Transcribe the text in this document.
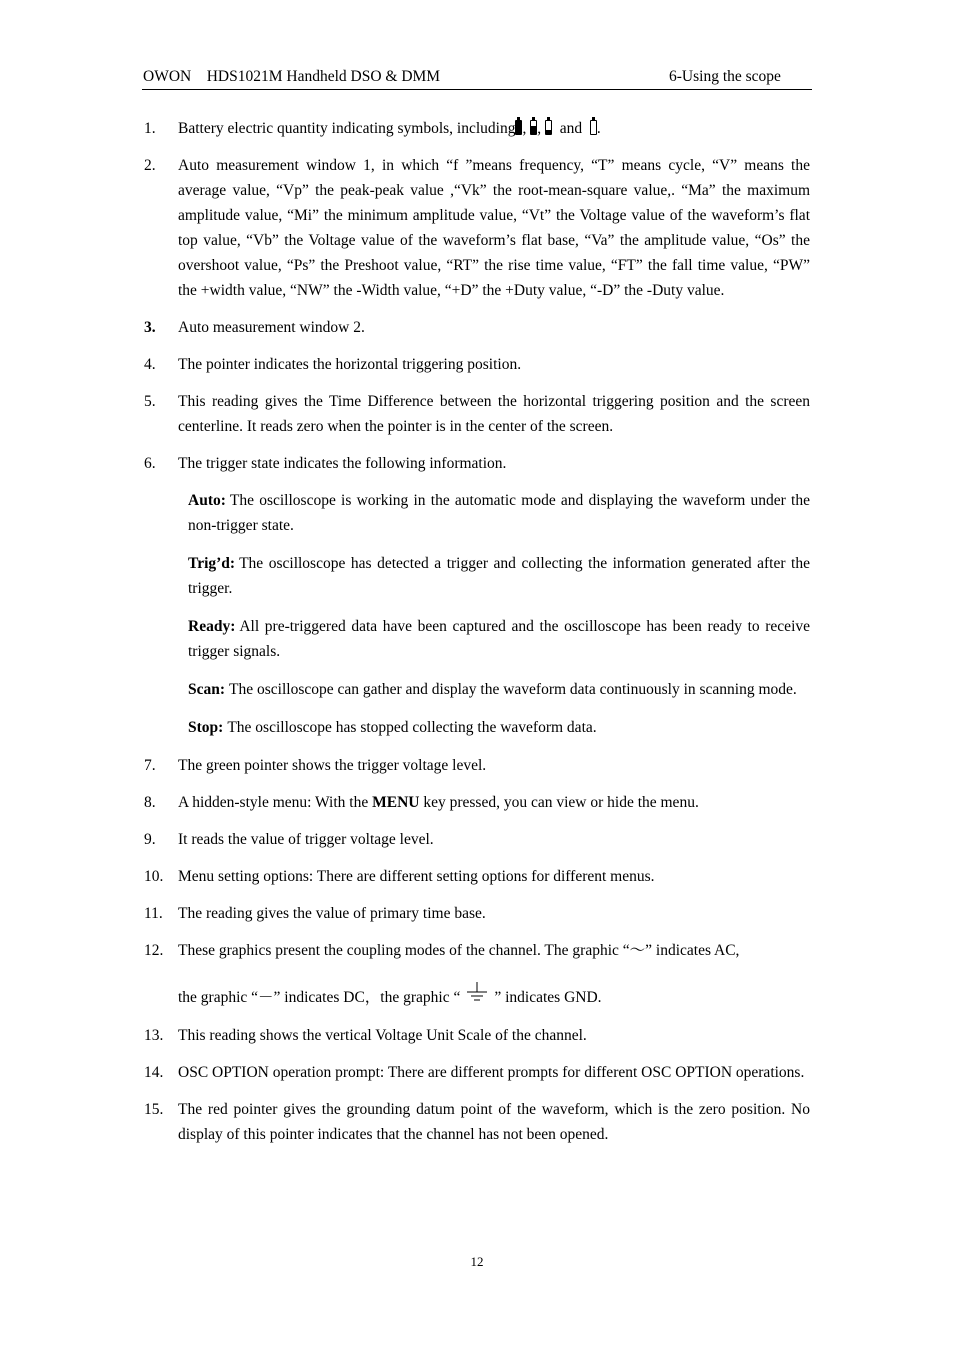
OWON    HDS1021M Handheld DSO & DMM	6-Using the scope
1. Battery electric quantity indicating symbols, including , , and .
2. Auto measurement window 1, in which “f ”means frequency, “T” means cycle, “V” means the average value, “Vp” the peak-peak value ,“Vk” the root-mean-square value,. “Ma” the maximum amplitude value, “Mi” the minimum amplitude value, “Vt” the Voltage value of the waveform’s flat top value, “Vb” the Voltage value of the waveform’s flat base, “Va” the amplitude value, “Os” the overshoot value, “Ps” the Preshoot value, “RT” the rise time value, “FT” the fall time value, “PW” the +width value, “NW” the -Width value, “+D” the +Duty value, “-D” the -Duty value.
3. Auto measurement window 2.
4. The pointer indicates the horizontal triggering position.
5. This reading gives the Time Difference between the horizontal triggering position and the screen centerline. It reads zero when the pointer is in the center of the screen.
6. The trigger state indicates the following information.
Auto: The oscilloscope is working in the automatic mode and displaying the waveform under the non-trigger state.
Trig’d: The oscilloscope has detected a trigger and collecting the information generated after the trigger.
Ready: All pre-triggered data have been captured and the oscilloscope has been ready to receive trigger signals.
Scan: The oscilloscope can gather and display the waveform data continuously in scanning mode.
Stop: The oscilloscope has stopped collecting the waveform data.
7. The green pointer shows the trigger voltage level.
8. A hidden-style menu: With the MENU key pressed, you can view or hide the menu.
9. It reads the value of trigger voltage level.
10. Menu setting options: There are different setting options for different menus.
11. The reading gives the value of primary time base.
12. These graphics present the coupling modes of the channel. The graphic “～” indicates AC,
the graphic “－” indicates DC，the graphic “ ” indicates GND.
13. This reading shows the vertical Voltage Unit Scale of the channel.
14. OSC OPTION operation prompt: There are different prompts for different OSC OPTION operations.
15. The red pointer gives the grounding datum point of the waveform, which is the zero position. No display of this pointer indicates that the channel has not been opened.
12
